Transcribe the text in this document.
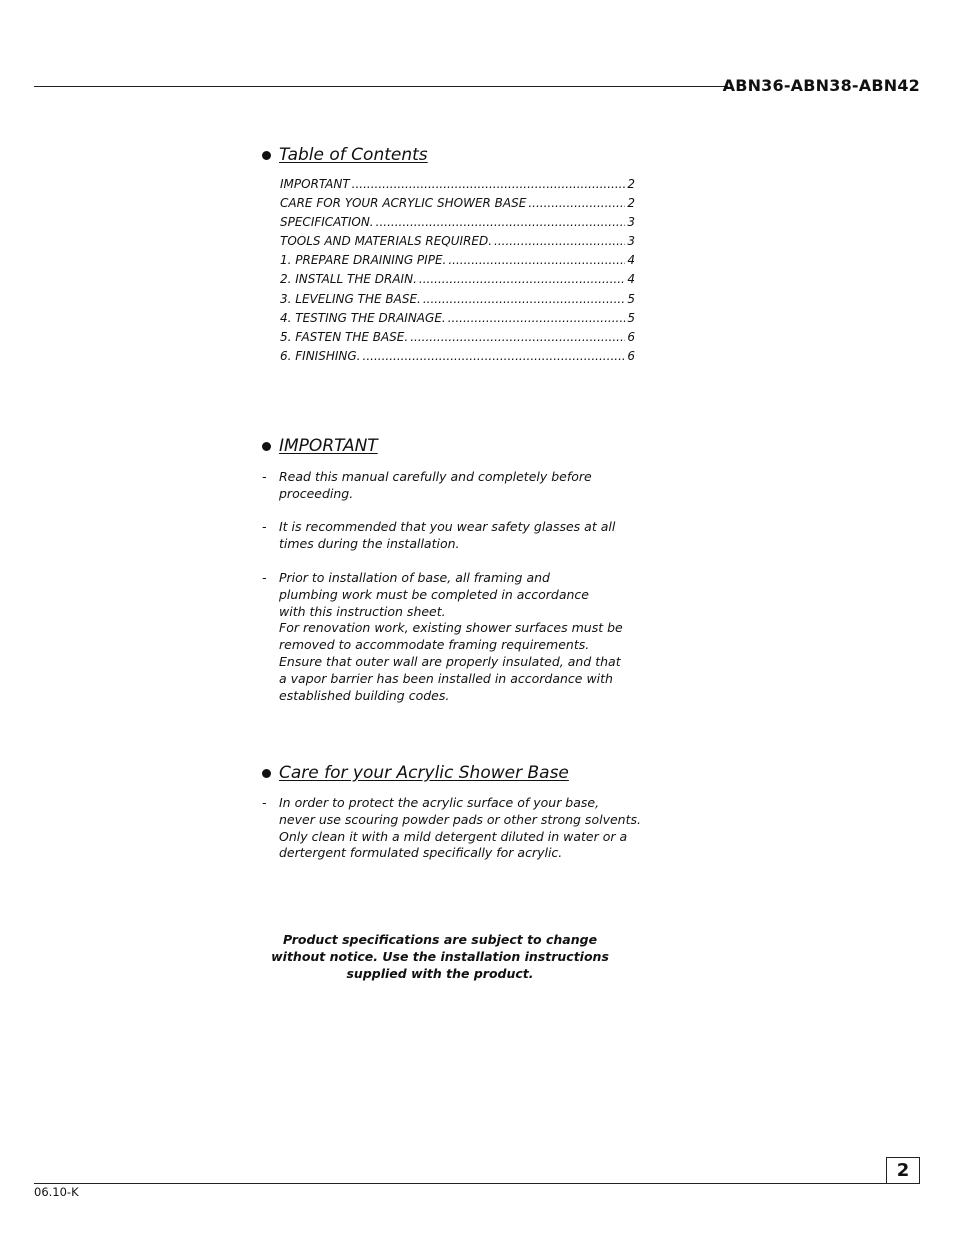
ABN36-ABN38-ABN42
Table of Contents
IMPORTANT .....	2
CARE FOR YOUR ACRYLIC SHOWER BASE .....	2
SPECIFICATION. .....	3
TOOLS AND MATERIALS REQUIRED. .....	3
1. PREPARE DRAINING PIPE. .....	4
2. INSTALL THE DRAIN. .....	4
3. LEVELING THE BASE. .....	5
4. TESTING THE DRAINAGE. .....	5
5. FASTEN THE BASE. .....	6
6. FINISHING. .....	6
IMPORTANT
- Read this manual carefully and completely before
proceeding.
- It is recommended that you wear safety glasses at all
times during the installation.
- Prior to installation of base, all framing and
plumbing work must be completed in accordance
with this instruction sheet.
For renovation work, existing shower surfaces must be
removed to accommodate framing requirements.
Ensure that outer wall are properly insulated, and that
a vapor barrier has been installed in accordance with
established building codes.
Care for your Acrylic Shower Base
- In order to protect the acrylic surface of your base,
never use scouring powder pads or other strong solvents.
Only clean it with a mild detergent diluted in water or a
dertergent formulated specifically for acrylic.
Product specifications are subject to change
without notice. Use the installation instructions
supplied with the product.
2
06.10-K
